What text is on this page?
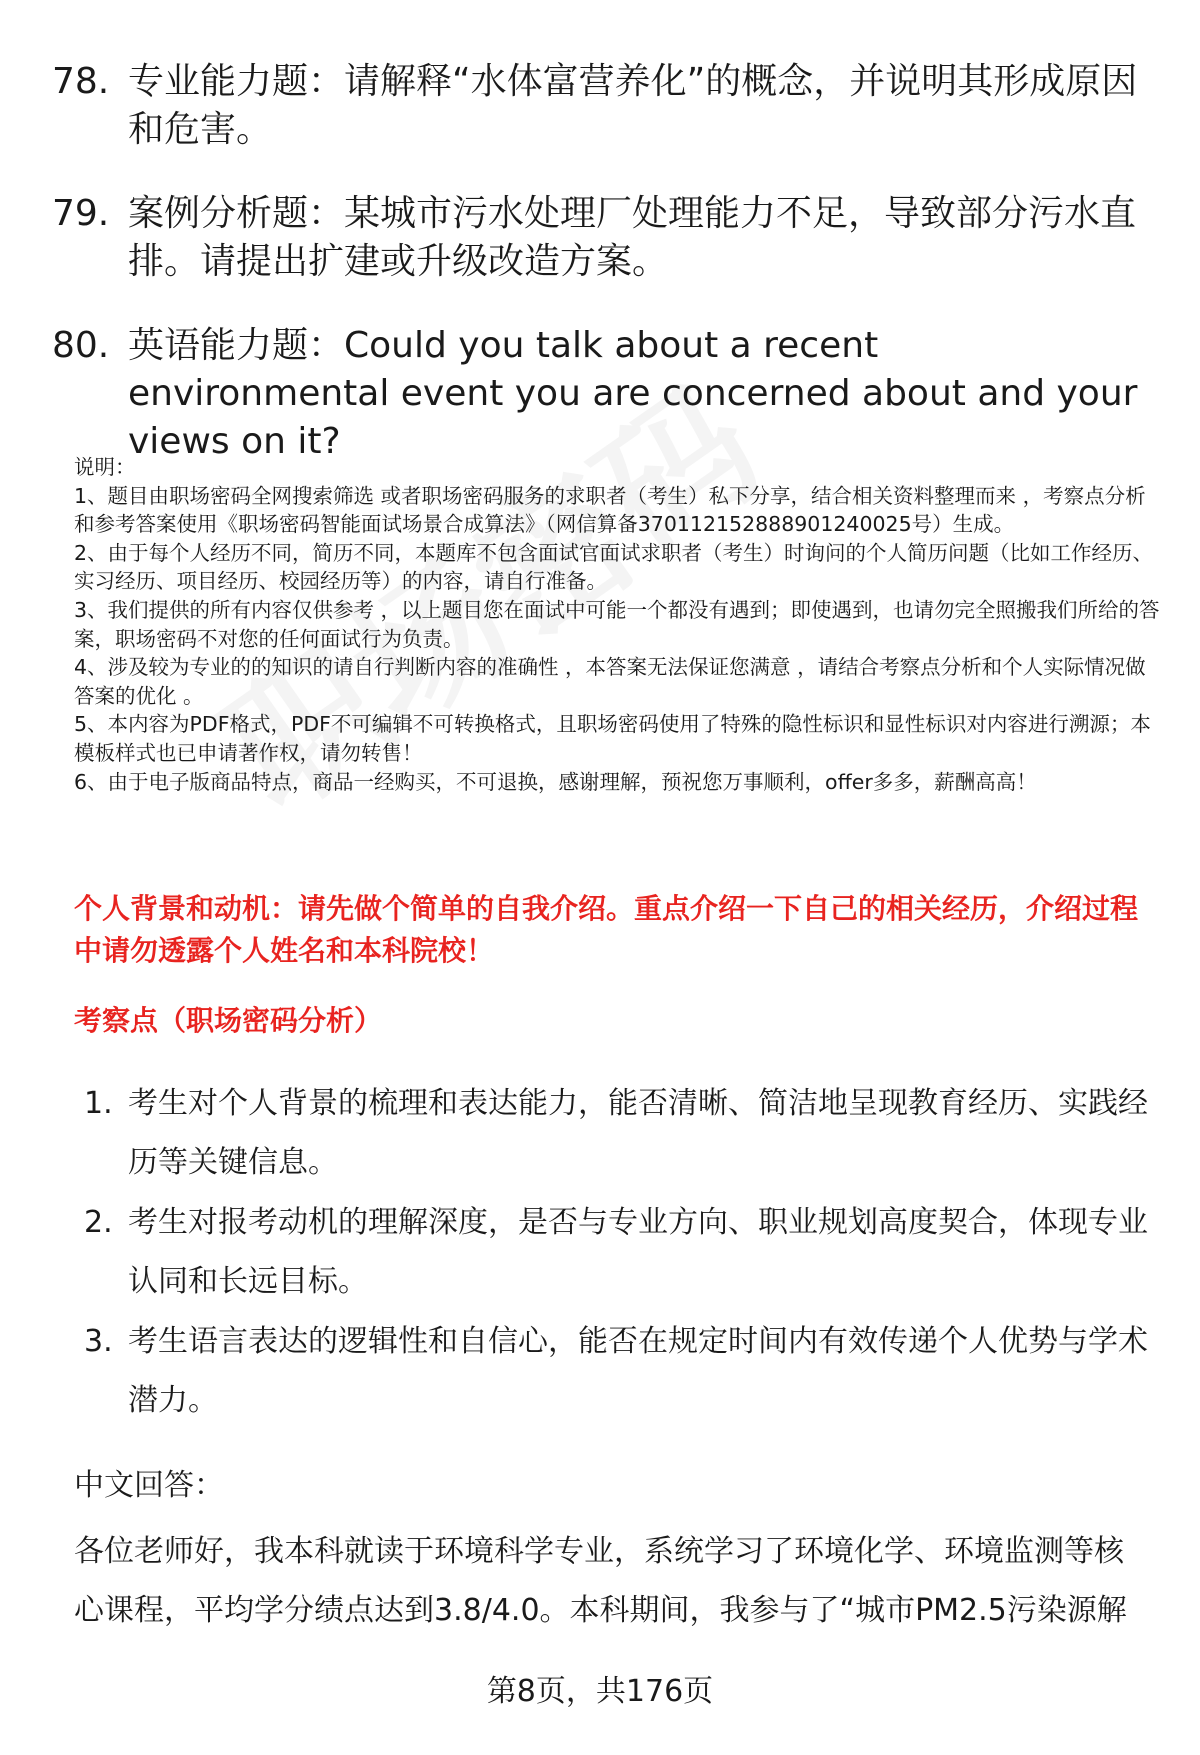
78. 专业能力题：请解释“水体富营养化”的概念，并说明其形成原因和危害。
79. 案例分析题：某城市污水处理厂处理能力不足，导致部分污水直排。请提出扩建或升级改造方案。
80. 英语能力题：Could you talk about a recent environmental event you are concerned about and your views on it?

说明：

1、题目由职场密码全网搜索筛选 或者职场密码服务的求职者（考生）私下分享，结合相关资料整理而来 ，考察点分析和参考答案使用《职场密码智能面试场景合成算法》（网信算备370112152888901240025号）生成。

2、由于每个人经历不同，简历不同，本题库不包含面试官面试求职者（考生）时询问的个人简历问题（比如工作经历、实习经历、项目经历、校园经历等）的内容，请自行准备。

3、我们提供的所有内容仅供参考 ，以上题目您在面试中可能一个都没有遇到；即使遇到，也请勿完全照搬我们所给的答案，职场密码不对您的任何面试行为负责。

4、涉及较为专业的的知识的请自行判断内容的准确性 ，本答案无法保证您满意 ，请结合考察点分析和个人实际情况做答案的优化 。

5、本内容为PDF格式，PDF不可编辑不可转换格式，且职场密码使用了特殊的隐性标识和显性标识对内容进行溯源；本模板样式也已申请著作权，请勿转售！

6、由于电子版商品特点，商品一经购买，不可退换，感谢理解，预祝您万事顺利，offer多多，薪酬高高！

个人背景和动机：请先做个简单的自我介绍。重点介绍一下自己的相关经历，介绍过程中请勿透露个人姓名和本科院校！
考察点（职场密码分析）
1. 考生对个人背景的梳理和表达能力，能否清晰、简洁地呈现教育经历、实践经历等关键信息。
2. 考生对报考动机的理解深度，是否与专业方向、职业规划高度契合，体现专业认同和长远目标。
3. 考生语言表达的逻辑性和自信心，能否在规定时间内有效传递个人优势与学术潜力。
中文回答：
各位老师好，我本科就读于环境科学专业，系统学习了环境化学、环境监测等核心课程，平均学分绩点达到3.8/4.0。本科期间，我参与了“城市PM2.5污染源解
第8页，共176页
